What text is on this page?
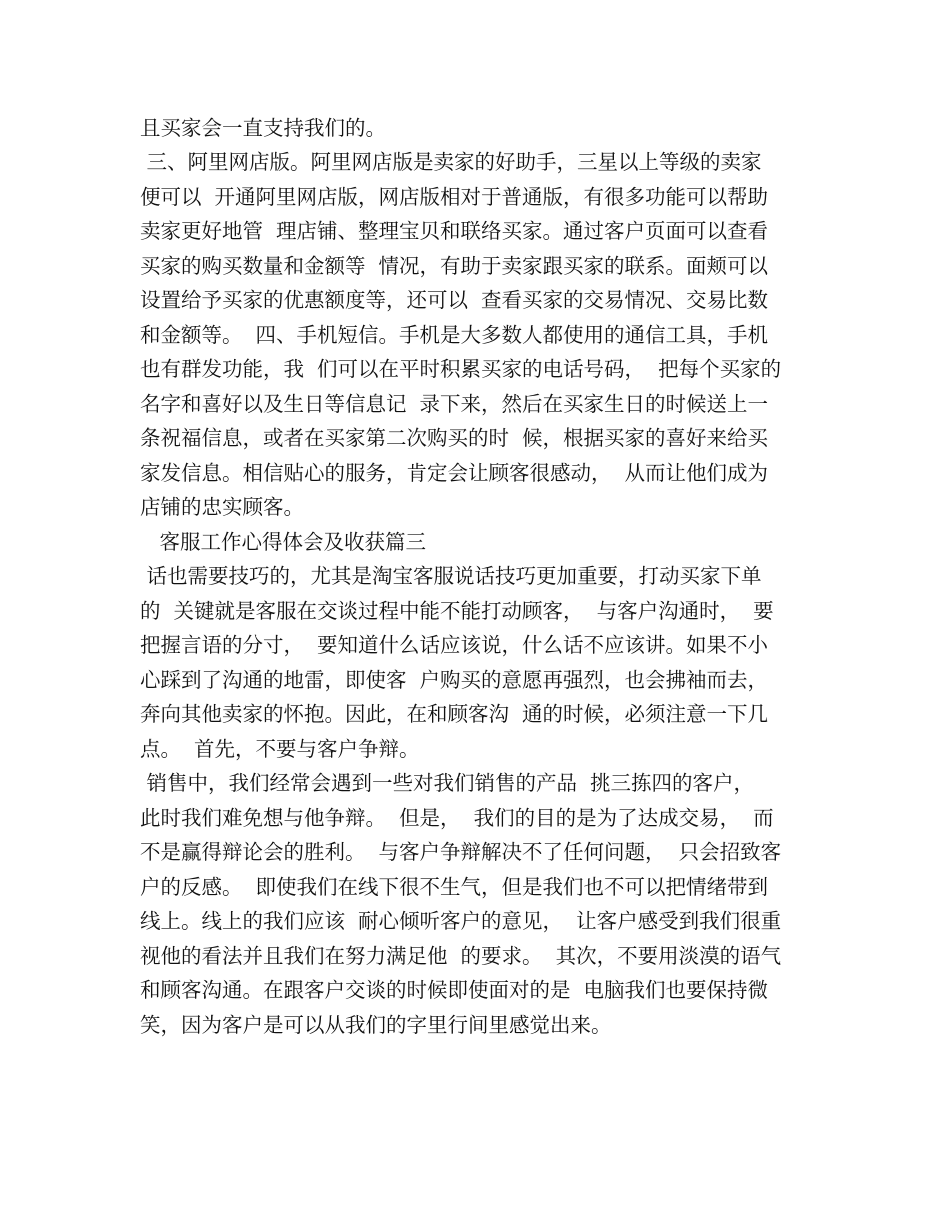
且买家会一直支持我们的。
三、阿里网店版。阿里网店版是卖家的好助手，三星以上等级的卖家
便可以  开通阿里网店版，网店版相对于普通版，有很多功能可以帮助
卖家更好地管  理店铺、整理宝贝和联络买家。通过客户页面可以查看
买家的购买数量和金额等  情况，有助于卖家跟买家的联系。面颊可以
设置给予买家的优惠额度等，还可以  查看买家的交易情况、交易比数
和金额等。  四、手机短信。手机是大多数人都使用的通信工具，手机
也有群发功能，我  们可以在平时积累买家的电话号码，  把每个买家的
名字和喜好以及生日等信息记  录下来，然后在买家生日的时候送上一
条祝福信息，或者在买家第二次购买的时  候，根据买家的喜好来给买
家发信息。相信贴心的服务，肯定会让顾客很感动，  从而让他们成为
店铺的忠实顾客。
客服工作心得体会及收获篇三
话也需要技巧的，尤其是淘宝客服说话技巧更加重要，打动买家下单
的  关键就是客服在交谈过程中能不能打动顾客，  与客户沟通时，  要
把握言语的分寸，  要知道什么话应该说，什么话不应该讲。如果不小
心踩到了沟通的地雷，即使客  户购买的意愿再强烈，也会拂袖而去，
奔向其他卖家的怀抱。因此，在和顾客沟  通的时候，必须注意一下几
点。  首先，不要与客户争辩。
销售中，我们经常会遇到一些对我们销售的产品  挑三拣四的客户，
此时我们难免想与他争辩。  但是，  我们的目的是为了达成交易，  而
不是赢得辩论会的胜利。  与客户争辩解决不了任何问题，  只会招致客
户的反感。  即使我们在线下很不生气，但是我们也不可以把情绪带到
线上。线上的我们应该  耐心倾听客户的意见，  让客户感受到我们很重
视他的看法并且我们在努力满足他  的要求。  其次，不要用淡漠的语气
和顾客沟通。在跟客户交谈的时候即使面对的是  电脑我们也要保持微
笑，因为客户是可以从我们的字里行间里感觉出来。
